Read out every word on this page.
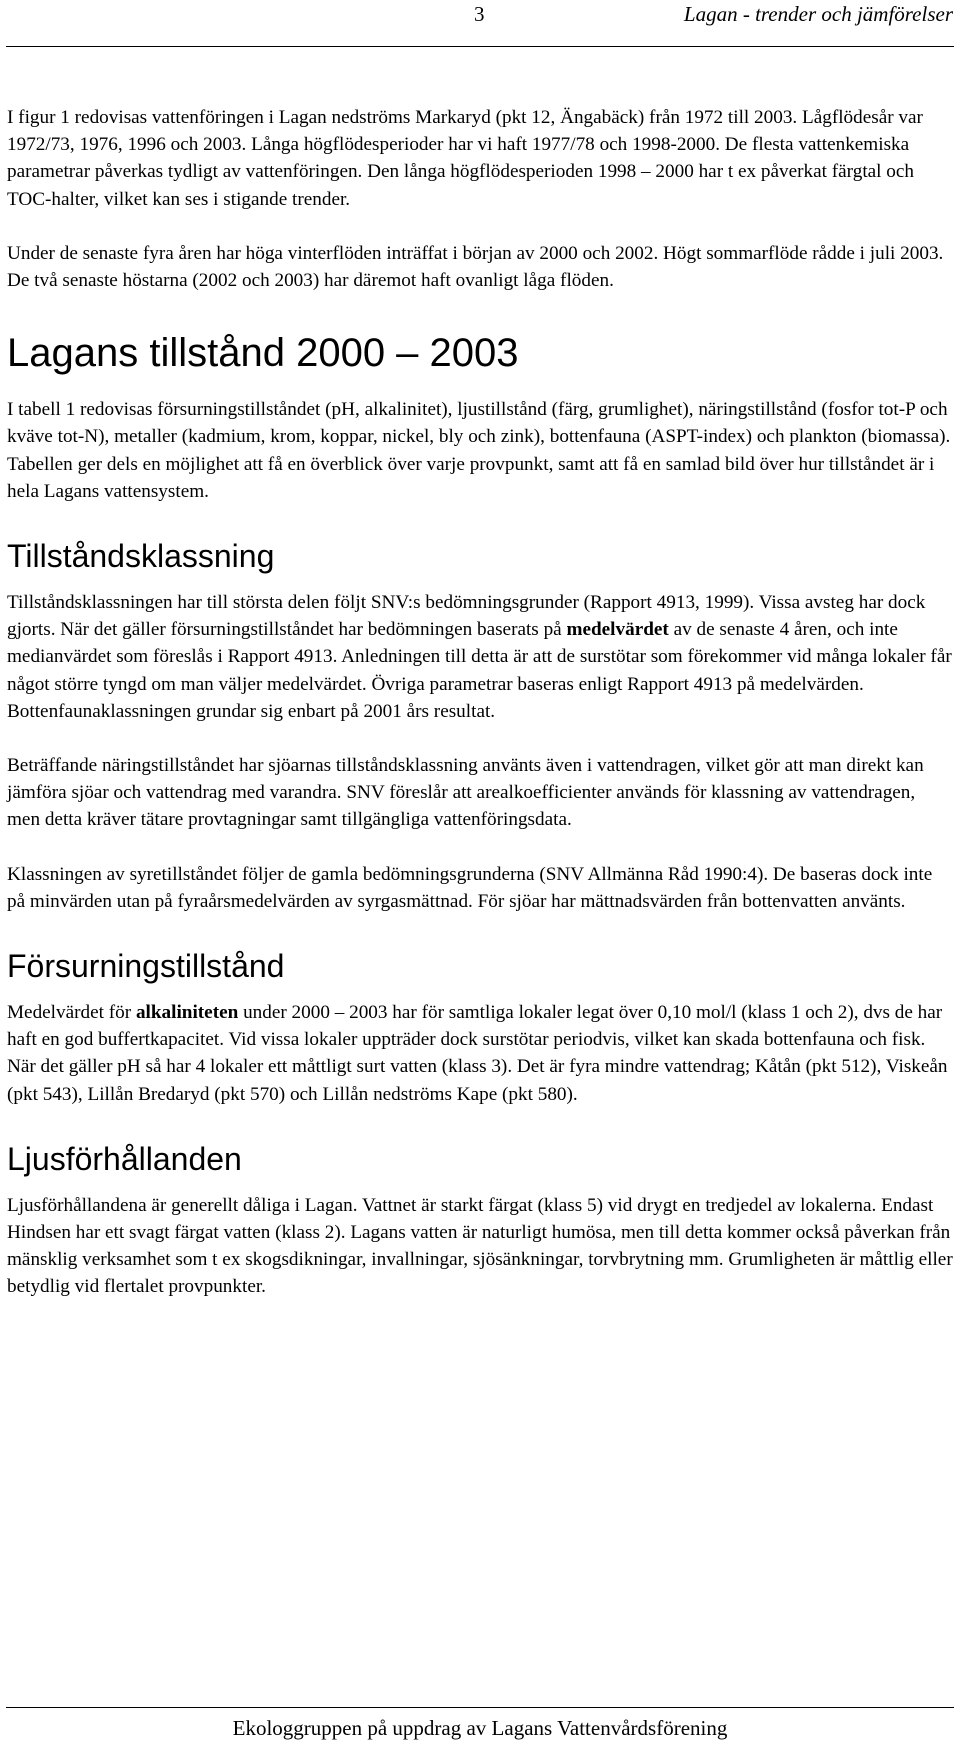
3	Lagan - trender och jämförelser

I figur 1 redovisas vattenföringen i Lagan nedströms Markaryd (pkt 12, Ängabäck) från 1972 till 2003. Lågflödesår var 1972/73, 1976, 1996 och 2003. Långa högflödesperioder har vi haft 1977/78 och 1998-2000. De flesta vattenkemiska parametrar påverkas tydligt av vattenföringen. Den långa högflödesperioden 1998 – 2000 har t ex påverkat färgtal och TOC-halter, vilket kan ses i stigande trender.

Under de senaste fyra åren har höga vinterflöden inträffat i början av 2000 och 2002. Högt sommarflöde rådde i juli 2003. De två senaste höstarna (2002 och 2003) har däremot haft ovanligt låga flöden.

Lagans tillstånd 2000 – 2003

I tabell 1 redovisas försurningstillståndet (pH, alkalinitet), ljustillstånd (färg, grumlighet), näringstillstånd (fosfor tot-P och kväve tot-N), metaller (kadmium, krom, koppar, nickel, bly och zink), bottenfauna (ASPT-index) och plankton (biomassa). Tabellen ger dels en möjlighet att få en överblick över varje provpunkt, samt att få en samlad bild över hur tillståndet är i hela Lagans vattensystem.

Tillståndsklassning

Tillståndsklassningen har till största delen följt SNV:s bedömningsgrunder (Rapport 4913, 1999). Vissa avsteg har dock gjorts. När det gäller försurningstillståndet har bedömningen baserats på medelvärdet av de senaste 4 åren, och inte medianvärdet som föreslås i Rapport 4913. Anledningen till detta är att de surstötar som förekommer vid många lokaler får något större tyngd om man väljer medelvärdet. Övriga parametrar baseras enligt Rapport 4913 på medelvärden. Bottenfaunaklassningen grundar sig enbart på 2001 års resultat.

Beträffande näringstillståndet har sjöarnas tillståndsklassning använts även i vattendragen, vilket gör att man direkt kan jämföra sjöar och vattendrag med varandra. SNV föreslår att arealkoefficienter används för klassning av vattendragen, men detta kräver tätare provtagningar samt tillgängliga vattenföringsdata.

Klassningen av syretillståndet följer de gamla bedömningsgrunderna (SNV Allmänna Råd 1990:4). De baseras dock inte på minvärden utan på fyraårsmedelvärden av syrgasmättnad. För sjöar har mättnadsvärden från bottenvatten använts.

Försurningstillstånd

Medelvärdet för alkaliniteten under 2000 – 2003 har för samtliga lokaler legat över 0,10 mol/l (klass 1 och 2), dvs de har haft en god buffertkapacitet. Vid vissa lokaler uppträder dock surstötar periodvis, vilket kan skada bottenfauna och fisk. När det gäller pH så har 4 lokaler ett måttligt surt vatten (klass 3). Det är fyra mindre vattendrag; Kåtån (pkt 512), Viskeån (pkt 543), Lillån Bredaryd (pkt 570) och Lillån nedströms Kape (pkt 580).

Ljusförhållanden

Ljusförhållandena är generellt dåliga i Lagan. Vattnet är starkt färgat (klass 5) vid drygt en tredjedel av lokalerna. Endast Hindsen har ett svagt färgat vatten (klass 2). Lagans vatten är naturligt humösa, men till detta kommer också påverkan från mänsklig verksamhet som t ex skogsdikningar, invallningar, sjösänkningar, torvbrytning mm. Grumligheten är måttlig eller betydlig vid flertalet provpunkter.

Ekologgruppen på uppdrag av Lagans Vattenvårdsförening
